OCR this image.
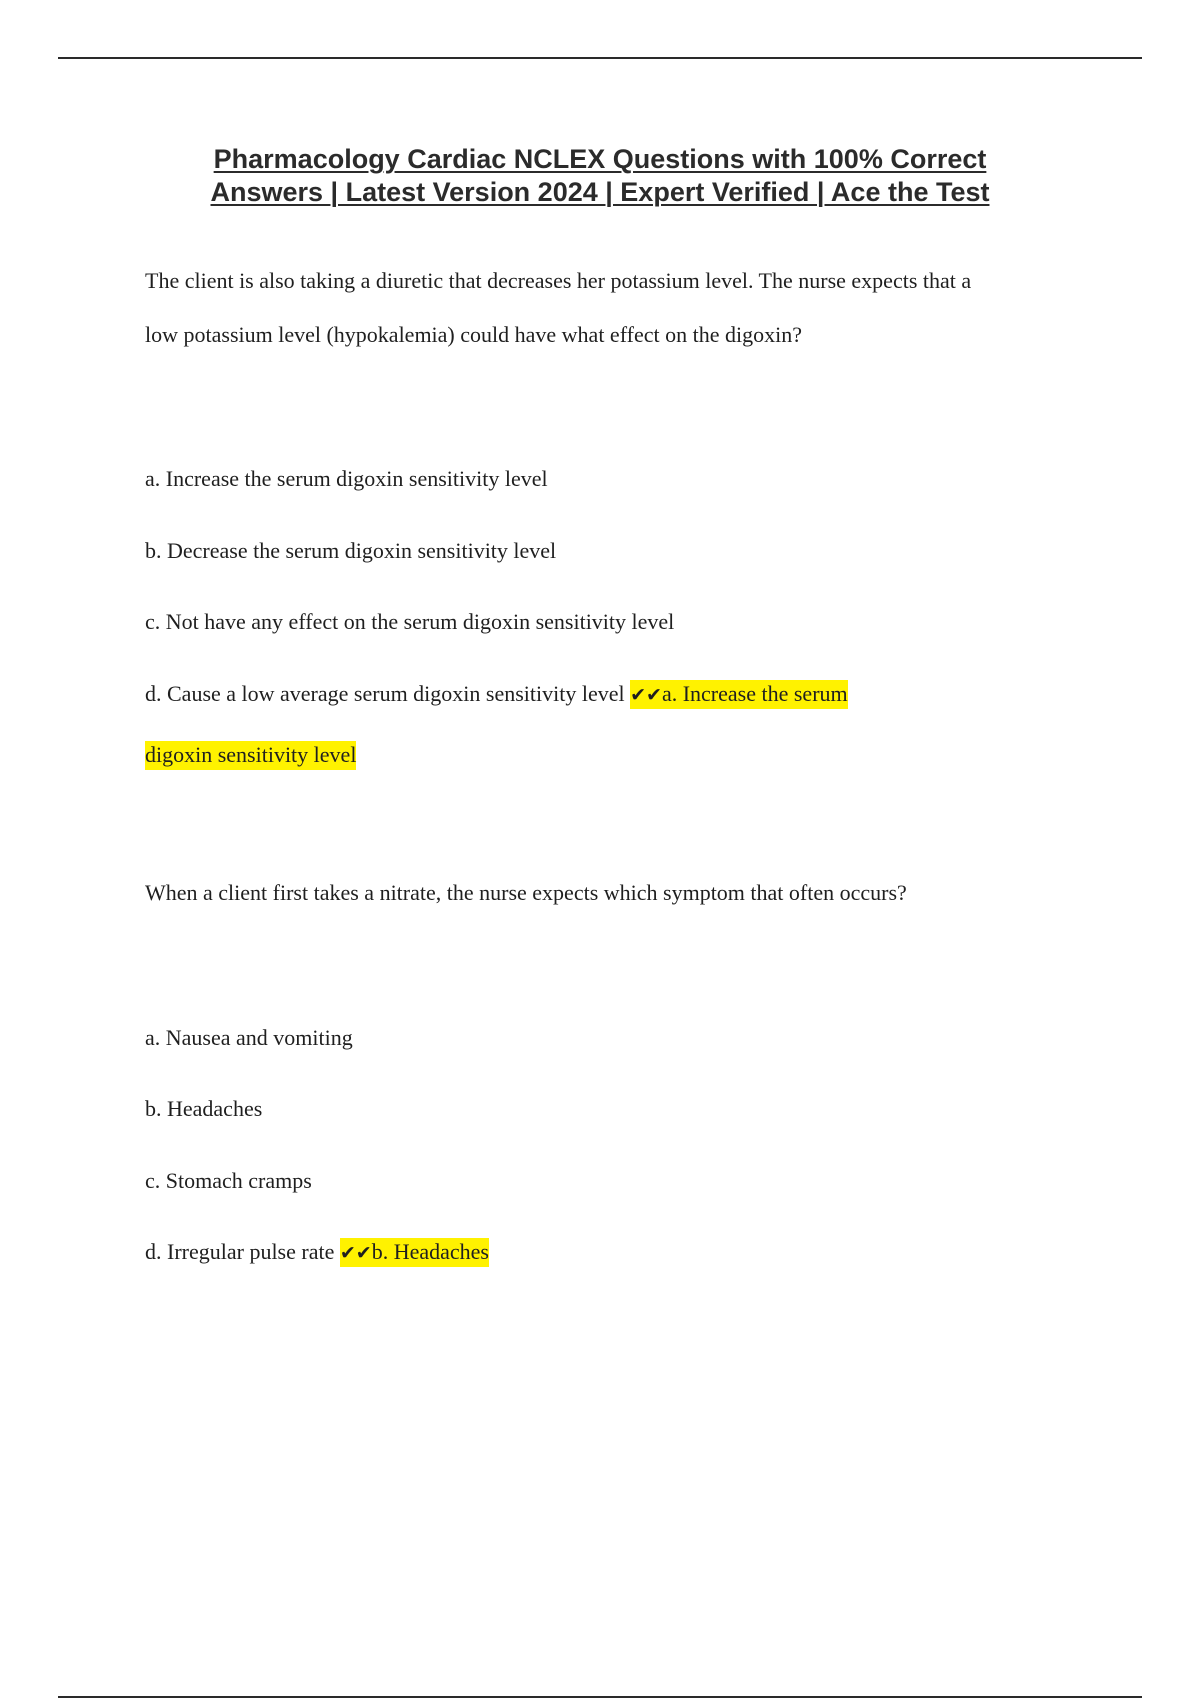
Pharmacology Cardiac NCLEX Questions with 100% Correct
Answers | Latest Version 2024 | Expert Verified | Ace the Test
The client is also taking a diuretic that decreases her potassium level. The nurse expects that a
low potassium level (hypokalemia) could have what effect on the digoxin?
a. Increase the serum digoxin sensitivity level
b. Decrease the serum digoxin sensitivity level
c. Not have any effect on the serum digoxin sensitivity level
d. Cause a low average serum digoxin sensitivity level ✔✔a. Increase the serum
digoxin sensitivity level
When a client first takes a nitrate, the nurse expects which symptom that often occurs?
a. Nausea and vomiting
b. Headaches
c. Stomach cramps
d. Irregular pulse rate ✔✔b. Headaches
